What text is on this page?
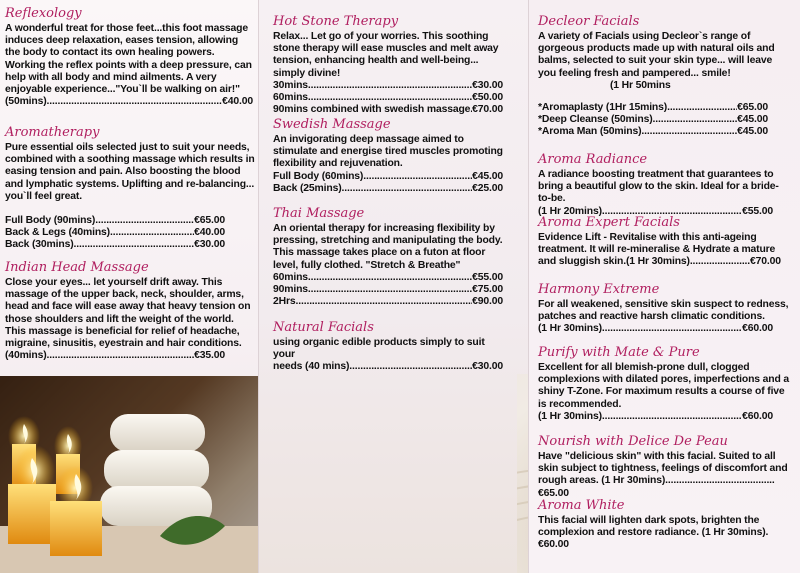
Reflexology

A wonderful treat for those feet...this foot massage induces deep relaxation, eases tension, allowing the body to contact its own healing powers. Working the reflex points with a deep pressure, can help with all body and mind ailments. A very enjoyable experience..."You`ll be walking on air!"

(50mins) .....	€40.00
Aromatherapy

Pure essential oils selected just to suit your needs, combined with a soothing massage which results in easing tension and pain. Also boosting the blood and lymphatic systems. Uplifting and re-balancing... you`ll feel great.

Full Body (90mins) .....	€65.00
Back & Legs (40mins) .....	€40.00
Back (30mins) .....	€30.00
Indian Head Massage

Close your eyes... let yourself drift away. This massage of the upper back, neck, shoulder, arms, head and face will ease away that heavy tension on those shoulders and lift the weight of the world. This massage is beneficial for relief of headache, migraine, sinusitis, eyestrain and hair conditions.

(40mins) .....	€35.00
Hot Stone Therapy

Relax... Let go of your worries. This soothing stone therapy will ease muscles and melt away tension, enhancing health and well-being... simply divine!

30mins .....	€30.00
60mins .....	€50.00
90mins combined with swedish massage ..... €70.00
Swedish Massage

An invigorating deep massage aimed to stimulate and energise tired muscles promoting flexibility and rejuvenation.

Full Body (60mins) .....	€45.00
Back (25mins) .....	€25.00
Thai Massage

An oriental therapy for increasing flexibility by pressing, stretching and manipulating the body. This massage takes place on a futon at floor level, fully clothed. "Stretch & Breathe"

60mins .....	€55.00
90mins .....	€75.00
2Hrs .....	€90.00
Natural Facials

using organic edible products simply to suit your

needs (40 mins) .....	€30.00
Decleor Facials

A variety of Facials using Decleor`s range of gorgeous products made up with natural oils and balms, selected to suit your skin type... will leave you feeling fresh and pampered... smile!

(1 Hr 50mins

*Aromaplasty (1Hr 15mins) .....	€65.00
*Deep Cleanse (50mins) .....	€45.00
*Aroma Man (50mins) .....	€45.00
Aroma Radiance

A radiance boosting treatment that guarantees to bring a beautiful glow to the skin. Ideal for a bride-to-be.

(1 Hr 20mins) .....	€55.00
Aroma Expert Facials

Evidence Lift - Revitalise with this anti-ageing treatment. It will re-mineralise & Hydrate a mature and sluggish skin.(1 Hr 30mins)......................€70.00

Harmony Extreme

For all weakened, sensitive skin suspect to redness, patches and reactive harsh climatic conditions.

(1 Hr 30mins) .....	€60.00
Purify with Mate & Pure

Excellent for all blemish-prone dull, clogged complexions with dilated pores, imperfections and a shiny T-Zone. For maximum results a course of five is recommended.

(1 Hr 30mins) .....	€60.00
Nourish with Delice De Peau

Have "delicious skin" with this facial. Suited to all skin subject to tightness, feelings of discomfort and rough areas. (1 Hr 30mins)........................................€65.00

Aroma White

This facial will lighten dark spots, brighten the complexion and restore radiance. (1 Hr 30mins).€60.00
